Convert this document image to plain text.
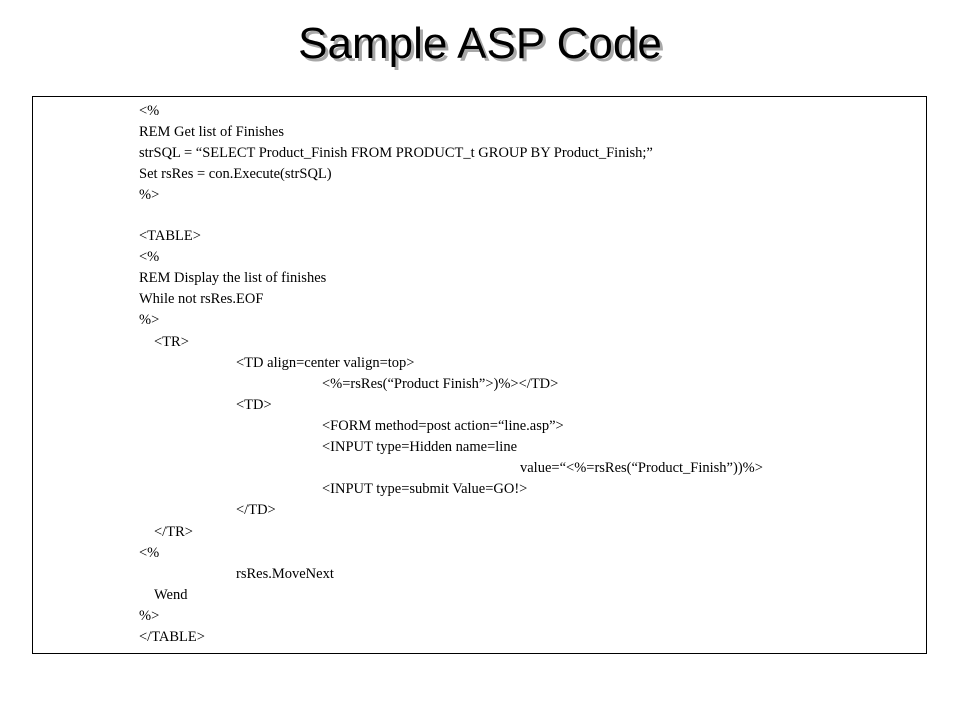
Sample ASP Code
<%
REM Get list of Finishes
strSQL = “SELECT Product_Finish FROM PRODUCT_t GROUP BY Product_Finish;”
Set rsRes = con.Execute(strSQL)
%>
<TABLE>
<%
REM Display the list of finishes
While not rsRes.EOF
%>
<TR>
<TD align=center valign=top>
<%=rsRes(“Product Finish”>)%></TD>
<TD>
<FORM method=post action=“line.asp”>
<INPUT type=Hidden name=line
value=“<%=rsRes(“Product_Finish”))%>
<INPUT type=submit Value=GO!>
</TD>
</TR>
<%
rsRes.MoveNext
Wend
%>
</TABLE>
